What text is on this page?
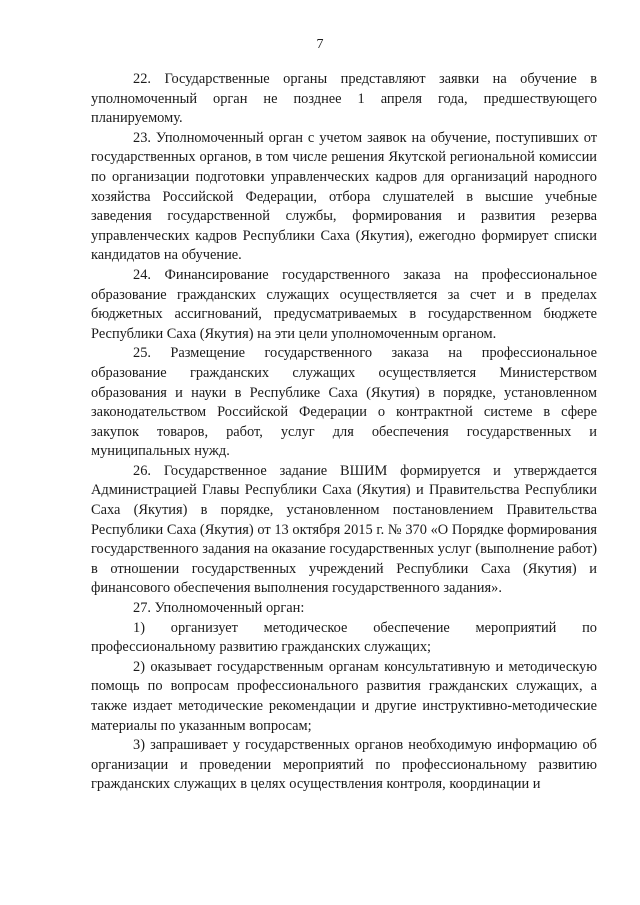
7

22. Государственные органы представляют заявки на обучение в уполномоченный орган не позднее 1 апреля года, предшествующего планируемому.

23. Уполномоченный орган с учетом заявок на обучение, поступивших от государственных органов, в том числе решения Якутской региональной комиссии по организации подготовки управленческих кадров для организаций народного хозяйства Российской Федерации, отбора слушателей в высшие учебные заведения государственной службы, формирования и развития резерва управленческих кадров Республики Саха (Якутия), ежегодно формирует списки кандидатов на обучение.

24. Финансирование государственного заказа на профессиональное образование гражданских служащих осуществляется за счет и в пределах бюджетных ассигнований, предусматриваемых в государственном бюджете Республики Саха (Якутия) на эти цели уполномоченным органом.

25. Размещение государственного заказа на профессиональное образование гражданских служащих осуществляется Министерством образования и науки в Республике Саха (Якутия) в порядке, установленном законодательством Российской Федерации о контрактной системе в сфере закупок товаров, работ, услуг для обеспечения государственных и муниципальных нужд.

26. Государственное задание ВШИМ формируется и утверждается Администрацией Главы Республики Саха (Якутия) и Правительства Республики Саха (Якутия) в порядке, установленном постановлением Правительства Республики Саха (Якутия) от 13 октября 2015 г. № 370 «О Порядке формирования государственного задания на оказание государственных услуг (выполнение работ) в отношении государственных учреждений Республики Саха (Якутия) и финансового обеспечения выполнения государственного задания».

27. Уполномоченный орган:

1) организует методическое обеспечение мероприятий по профессиональному развитию гражданских служащих;

2) оказывает государственным органам консультативную и методическую помощь по вопросам профессионального развития гражданских служащих, а также издает методические рекомендации и другие инструктивно-методические материалы по указанным вопросам;

3) запрашивает у государственных органов необходимую информацию об организации и проведении мероприятий по профессиональному развитию гражданских служащих в целях осуществления контроля, координации и
